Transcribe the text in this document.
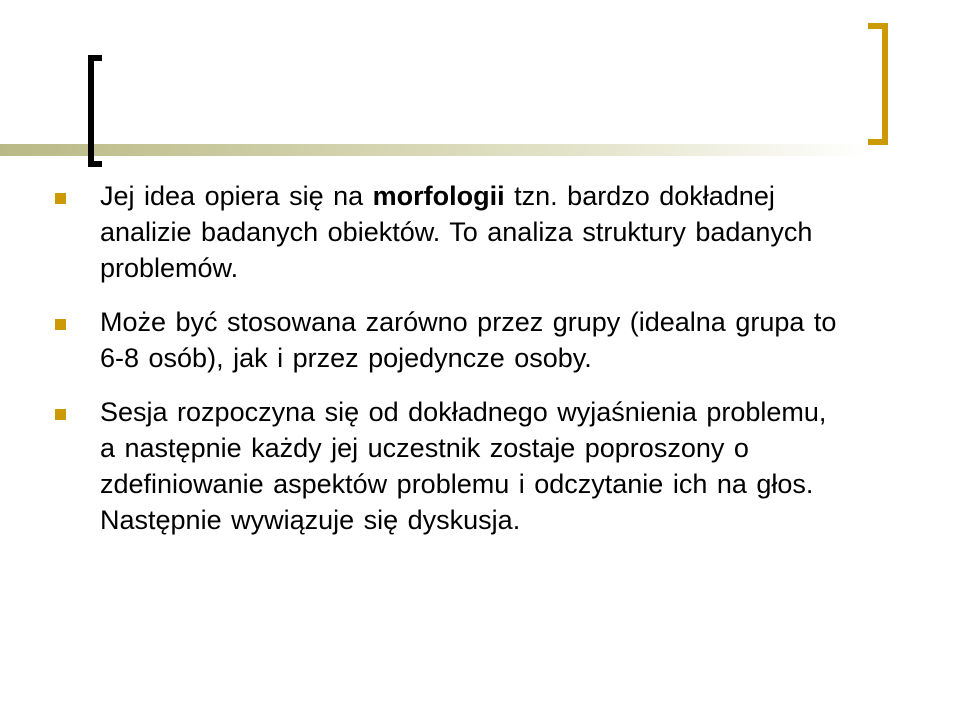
Jej idea opiera się na morfologii tzn. bardzo dokładnej analizie badanych obiektów. To analiza struktury badanych problemów.
Może być stosowana zarówno przez grupy (idealna grupa to 6-8 osób), jak i przez pojedyncze osoby.
Sesja rozpoczyna się od dokładnego wyjaśnienia problemu, a następnie każdy jej uczestnik zostaje poproszony o zdefiniowanie aspektów problemu i odczytanie ich na głos. Następnie wywiązuje się dyskusja.
